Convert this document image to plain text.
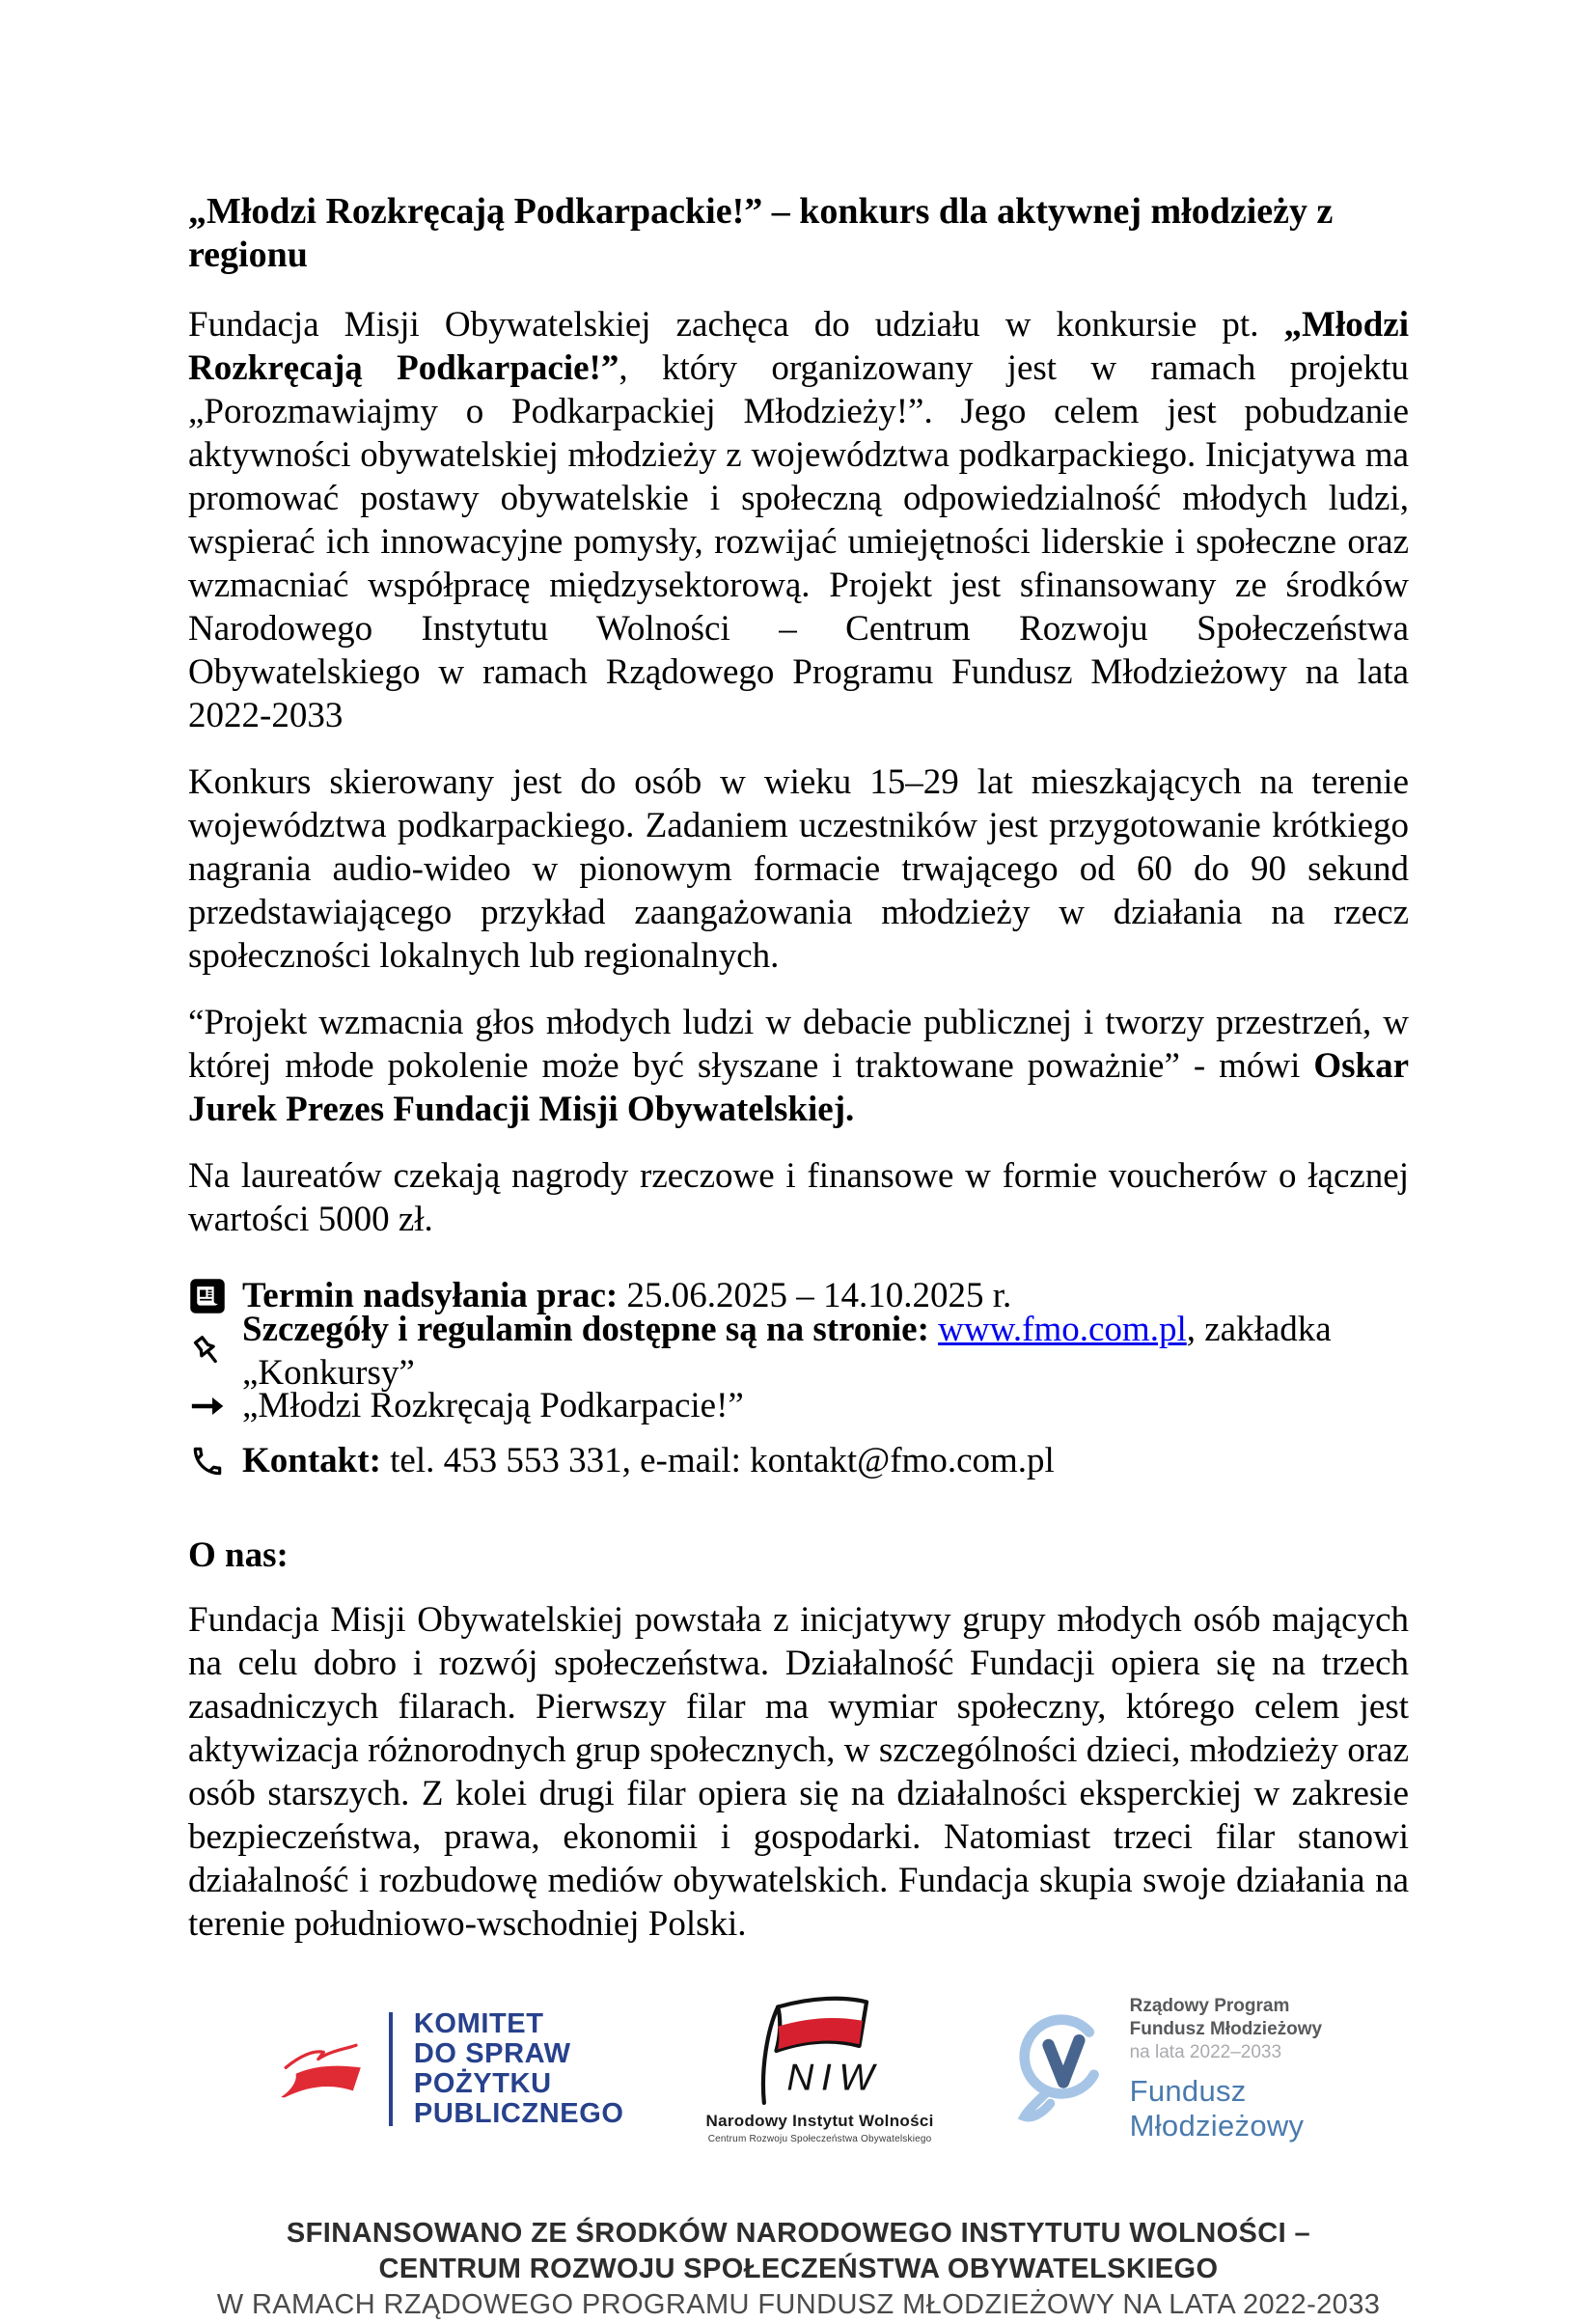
„Młodzi Rozkręcają Podkarpackie!” – konkurs dla aktywnej młodzieży z regionu

Fundacja Misji Obywatelskiej zachęca do udziału w konkursie pt. „Młodzi Rozkręcają Podkarpacie!”, który organizowany jest w ramach projektu „Porozmawiajmy o Podkarpackiej Młodzieży!”. Jego celem jest pobudzanie aktywności obywatelskiej młodzieży z województwa podkarpackiego. Inicjatywa ma promować postawy obywatelskie i społeczną odpowiedzialność młodych ludzi, wspierać ich innowacyjne pomysły, rozwijać umiejętności liderskie i społeczne oraz wzmacniać współpracę międzysektorową. Projekt jest sfinansowany ze środków Narodowego Instytutu Wolności – Centrum Rozwoju Społeczeństwa Obywatelskiego w ramach Rządowego Programu Fundusz Młodzieżowy na lata 2022-2033

Konkurs skierowany jest do osób w wieku 15–29 lat mieszkających na terenie województwa podkarpackiego. Zadaniem uczestników jest przygotowanie krótkiego nagrania audio-wideo w pionowym formacie trwającego od 60 do 90 sekund przedstawiającego przykład zaangażowania młodzieży w działania na rzecz społeczności lokalnych lub regionalnych.

“Projekt wzmacnia głos młodych ludzi w debacie publicznej i tworzy przestrzeń, w której młode pokolenie może być słyszane i traktowane poważnie” - mówi Oskar Jurek Prezes Fundacji Misji Obywatelskiej.

Na laureatów czekają nagrody rzeczowe i finansowe w formie voucherów o łącznej wartości 5000 zł.

Termin nadsyłania prac: 25.06.2025 – 14.10.2025 r.
Szczegóły i regulamin dostępne są na stronie: www.fmo.com.pl, zakładka „Konkursy”
„Młodzi Rozkręcają Podkarpacie!”
Kontakt: tel. 453 553 331, e-mail: kontakt@fmo.com.pl
O nas:

Fundacja Misji Obywatelskiej powstała z inicjatywy grupy młodych osób mających na celu dobro i rozwój społeczeństwa. Działalność Fundacji opiera się na trzech zasadniczych filarach. Pierwszy filar ma wymiar społeczny, którego celem jest aktywizacja różnorodnych grup społecznych, w szczególności dzieci, młodzieży oraz osób starszych. Z kolei drugi filar opiera się na działalności eksperckiej w zakresie bezpieczeństwa, prawa, ekonomii i gospodarki. Natomiast trzeci filar stanowi działalność i rozbudowę mediów obywatelskich. Fundacja skupia swoje działania na terenie południowo-wschodniej Polski.

KOMITET
DO SPRAW
POŻYTKU
PUBLICZNEGO
NIW
Narodowy Instytut Wolności
Centrum Rozwoju Społeczeństwa Obywatelskiego
Rządowy Program
Fundusz Młodzieżowy
na lata 2022–2033
Fundusz
Młodzieżowy
SFINANSOWANO ZE ŚRODKÓW NARODOWEGO INSTYTUTU WOLNOŚCI –
CENTRUM ROZWOJU SPOŁECZEŃSTWA OBYWATELSKIEGO
W RAMACH RZĄDOWEGO PROGRAMU FUNDUSZ MŁODZIEŻOWY NA LATA 2022-2033
